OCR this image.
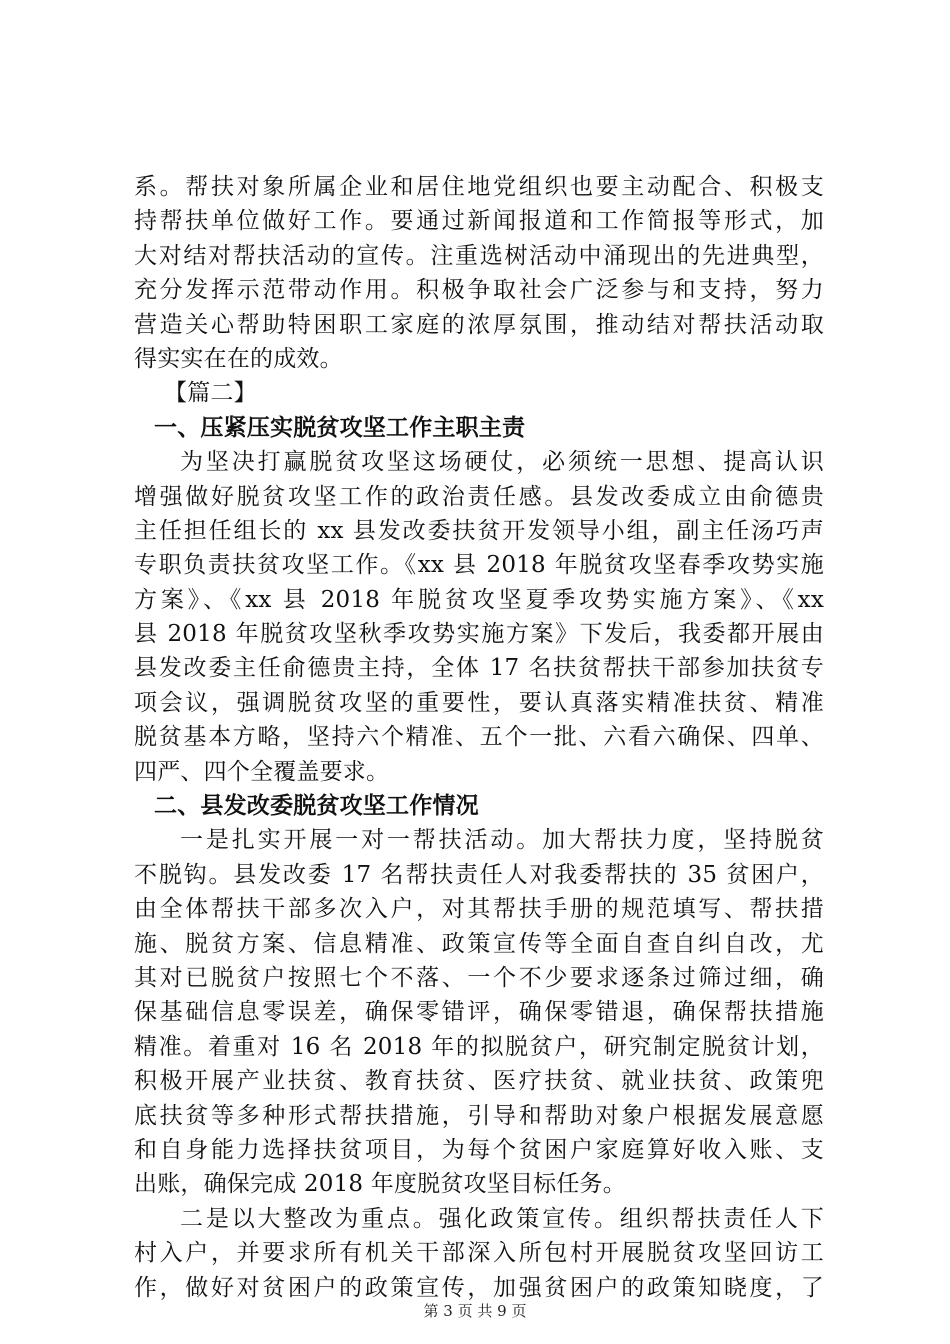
系。帮扶对象所属企业和居住地党组织也要主动配合、积极支
持帮扶单位做好工作。要通过新闻报道和工作简报等形式，加
大对结对帮扶活动的宣传。注重选树活动中涌现出的先进典型，
充分发挥示范带动作用。积极争取社会广泛参与和支持，努力
营造关心帮助特困职工家庭的浓厚氛围，推动结对帮扶活动取
得实实在在的成效。
【篇二】
一、压紧压实脱贫攻坚工作主职主责
为坚决打赢脱贫攻坚这场硬仗，必须统一思想、提高认识
增强做好脱贫攻坚工作的政治责任感。县发改委成立由俞德贵
主任担任组长的 xx 县发改委扶贫开发领导小组，副主任汤巧声
专职负责扶贫攻坚工作。《xx 县 2018 年脱贫攻坚春季攻势实施
方案》、《xx 县 2018 年脱贫攻坚夏季攻势实施方案》、《xx
县 2018 年脱贫攻坚秋季攻势实施方案》下发后，我委都开展由
县发改委主任俞德贵主持，全体 17 名扶贫帮扶干部参加扶贫专
项会议，强调脱贫攻坚的重要性，要认真落实精准扶贫、精准
脱贫基本方略，坚持六个精准、五个一批、六看六确保、四单、
四严、四个全覆盖要求。
二、县发改委脱贫攻坚工作情况
一是扎实开展一对一帮扶活动。加大帮扶力度，坚持脱贫
不脱钩。县发改委 17 名帮扶责任人对我委帮扶的 35 贫困户，
由全体帮扶干部多次入户，对其帮扶手册的规范填写、帮扶措
施、脱贫方案、信息精准、政策宣传等全面自查自纠自改，尤
其对已脱贫户按照七个不落、一个不少要求逐条过筛过细，确
保基础信息零误差，确保零错评，确保零错退，确保帮扶措施
精准。着重对 16 名 2018 年的拟脱贫户，研究制定脱贫计划，
积极开展产业扶贫、教育扶贫、医疗扶贫、就业扶贫、政策兜
底扶贫等多种形式帮扶措施，引导和帮助对象户根据发展意愿
和自身能力选择扶贫项目，为每个贫困户家庭算好收入账、支
出账，确保完成 2018 年度脱贫攻坚目标任务。
二是以大整改为重点。强化政策宣传。组织帮扶责任人下
村入户，并要求所有机关干部深入所包村开展脱贫攻坚回访工
作，做好对贫困户的政策宣传，加强贫困户的政策知晓度，了
第 3 页 共 9 页
